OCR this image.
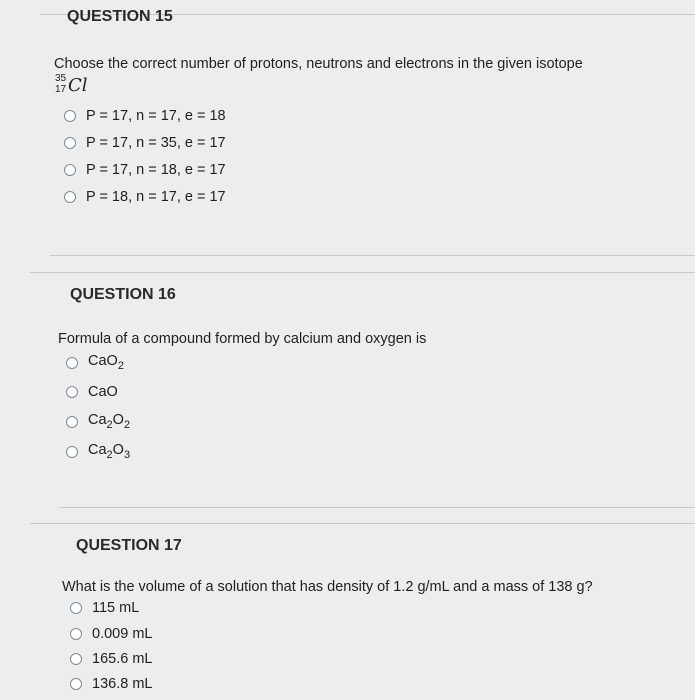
QUESTION 15

Choose the correct number of protons, neutrons and electrons in the given isotope

35
17 Cl
P = 17, n = 17, e = 18
P = 17, n = 35, e = 17
P = 17, n = 18, e = 17
P = 18, n = 17, e = 17
QUESTION 16

Formula of a compound formed by calcium and oxygen is

CaO$_2$
CaO
$Ca_2O_2$
$Ca_2O_3$
QUESTION 17

What is the volume of a solution that has density of 1.2 g/mL and a mass of 138 g?

115 mL
0.009 mL
165.6 mL
136.8 mL
